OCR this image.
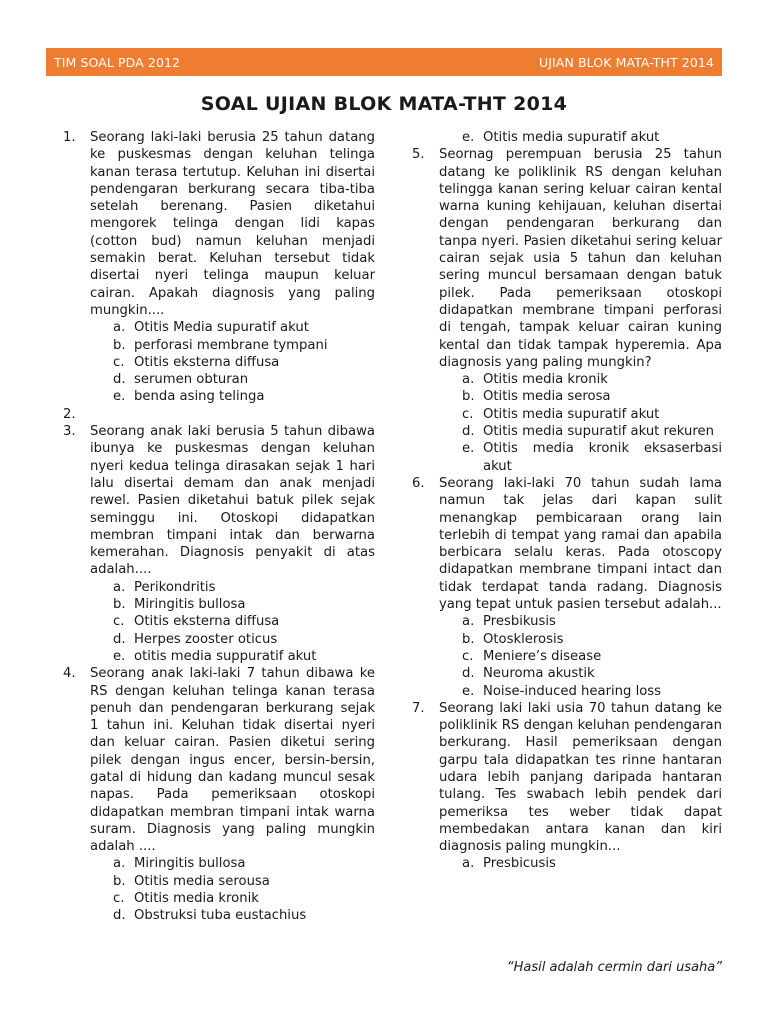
TIM SOAL PDA 2012	UJIAN BLOK MATA-THT 2014
SOAL UJIAN BLOK MATA-THT 2014
1.	Seorang laki-laki berusia 25 tahun datang ke puskesmas dengan keluhan telinga kanan terasa tertutup. Keluhan ini disertai pendengaran berkurang secara tiba-tiba setelah berenang. Pasien diketahui mengorek telinga dengan lidi kapas (cotton bud) namun keluhan menjadi semakin berat. Keluhan tersebut tidak disertai nyeri telinga maupun keluar cairan. Apakah diagnosis yang paling mungkin....
a. Otitis Media supuratif akut
b. perforasi membrane tympani
c. Otitis eksterna diffusa
d. serumen obturan
e. benda asing telinga
2.
3.	Seorang anak laki berusia 5 tahun dibawa ibunya ke puskesmas dengan keluhan nyeri kedua telinga dirasakan sejak 1 hari lalu disertai demam dan anak menjadi rewel. Pasien diketahui batuk pilek sejak seminggu ini. Otoskopi didapatkan membran timpani intak dan berwarna kemerahan. Diagnosis penyakit di atas adalah....
a. Perikondritis
b. Miringitis bullosa
c. Otitis eksterna diffusa
d. Herpes zooster oticus
e. otitis media suppuratif akut
4.	Seorang anak laki-laki 7 tahun dibawa ke RS dengan keluhan telinga kanan terasa penuh dan pendengaran berkurang sejak 1 tahun ini. Keluhan tidak disertai nyeri dan keluar cairan. Pasien diketui sering pilek dengan ingus encer, bersin-bersin, gatal di hidung dan kadang muncul sesak napas. Pada pemeriksaan otoskopi didapatkan membran timpani intak warna suram. Diagnosis yang paling mungkin adalah ....
a. Miringitis bullosa
b. Otitis media serousa
c. Otitis media kronik
d. Obstruksi tuba eustachius
e. Otitis media supuratif akut
5.	Seornag perempuan berusia 25 tahun datang ke poliklinik RS dengan keluhan telingga kanan sering keluar cairan kental warna kuning kehijauan, keluhan disertai dengan pendengaran berkurang dan tanpa nyeri. Pasien diketahui sering keluar cairan sejak usia 5 tahun dan keluhan sering muncul bersamaan dengan batuk pilek. Pada pemeriksaan otoskopi didapatkan membrane timpani perforasi di tengah, tampak keluar cairan kuning kental dan tidak tampak hyperemia. Apa diagnosis yang paling mungkin?
a. Otitis media kronik
b. Otitis media serosa
c. Otitis media supuratif akut
d. Otitis media supuratif akut rekuren
e. Otitis media kronik eksaserbasi akut
6.	Seorang laki-laki 70 tahun sudah lama namun tak jelas dari kapan sulit menangkap pembicaraan orang lain terlebih di tempat yang ramai dan apabila berbicara selalu keras. Pada otoscopy didapatkan membrane timpani intact dan tidak terdapat tanda radang. Diagnosis yang tepat untuk pasien tersebut adalah...
a. Presbikusis
b. Otosklerosis
c. Meniere’s disease
d. Neuroma akustik
e. Noise-induced hearing loss
7.	Seorang laki laki usia 70 tahun datang ke poliklinik RS dengan keluhan pendengaran berkurang. Hasil pemeriksaan dengan garpu tala didapatkan tes rinne hantaran udara lebih panjang daripada hantaran tulang. Tes swabach lebih pendek dari pemeriksa tes weber tidak dapat membedakan antara kanan dan kiri diagnosis paling mungkin...
a. Presbicusis
“Hasil adalah cermin dari usaha”
